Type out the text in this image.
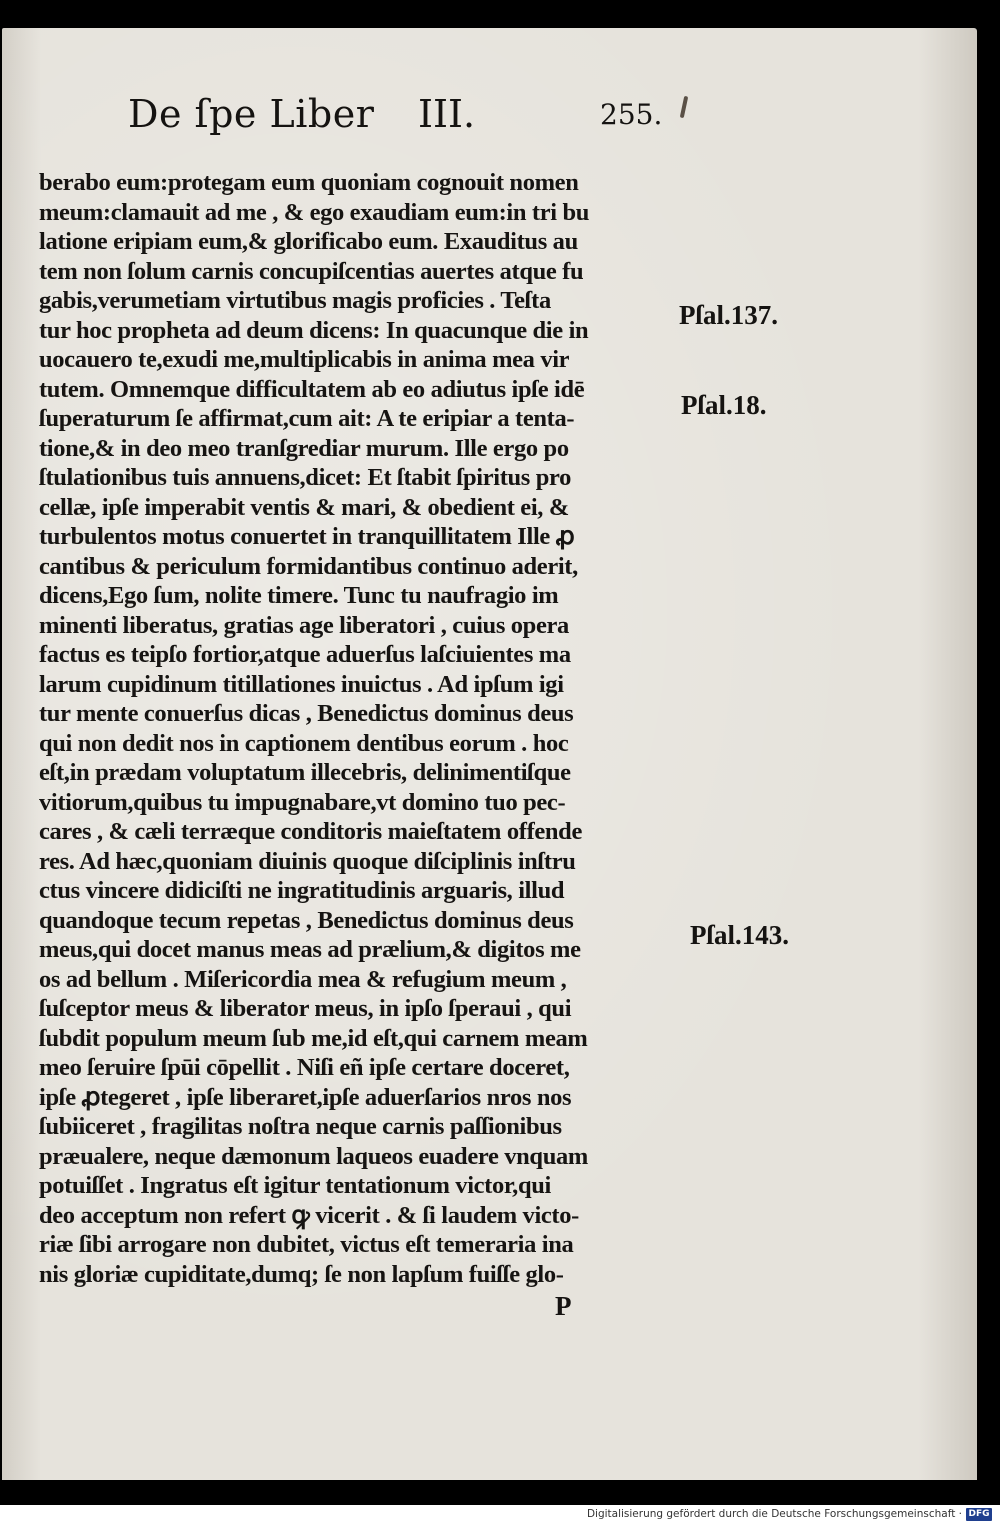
De ſpe Liber III.	255.
berabo eum:protegam eum quoniam cognouit nomen
meum:clamauit ad me , & ego exaudiam eum:in tri bu
latione eripiam eum,& glorificabo eum. Exauditus au
tem non ſolum carnis concupiſcentias auertes atque fu
gabis,verumetiam virtutibus magis proficies . Teſta
tur hoc propheta ad deum dicens: In quacunque die in
uocauero te,exudi me,multiplicabis in anima mea vir
tutem. Omnemque difficultatem ab eo adiutus ipſe idē
ſuperaturum ſe affirmat,cum ait: A te eripiar a tenta-
tione,& in deo meo tranſgrediar murum. Ille ergo po
ſtulationibus tuis annuens,dicet: Et ſtabit ſpiritus pro
cellæ, ipſe imperabit ventis & mari, & obedient ei, &
turbulentos motus conuertet in tranquillitatem Ille ꝓ
cantibus & periculum formidantibus continuo aderit,
dicens,Ego ſum, nolite timere. Tunc tu naufragio im
minenti liberatus, gratias age liberatori , cuius opera
factus es teipſo fortior,atque aduerſus laſciuientes ma
larum cupidinum titillationes inuictus . Ad ipſum igi
tur mente conuerſus dicas , Benedictus dominus deus
qui non dedit nos in captionem dentibus eorum . hoc
eſt,in prædam voluptatum illecebris, delinimentiſque
vitiorum,quibus tu impugnabare,vt domino tuo pec-
cares , & cæli terræque conditoris maieſtatem offende
res. Ad hæc,quoniam diuinis quoque diſciplinis inſtru
ctus vincere didiciſti ne ingratitudinis arguaris, illud
quandoque tecum repetas , Benedictus dominus deus
meus,qui docet manus meas ad prælium,& digitos me
os ad bellum . Miſericordia mea & refugium meum ,
ſuſceptor meus & liberator meus, in ipſo ſperaui , qui
ſubdit populum meum ſub me,id eſt,qui carnem meam
meo ſeruire ſpūi cōpellit . Niſi eñ ipſe certare doceret,
ipſe ꝓtegeret , ipſe liberaret,ipſe aduerſarios nros nos
ſubiiceret , fragilitas noſtra neque carnis paſſionibus
præualere, neque dæmonum laqueos euadere vnquam
potuiſſet . Ingratus eſt igitur tentationum victor,qui
deo acceptum non refert ꝙ vicerit . & ſi laudem victo-
riæ ſibi arrogare non dubitet, victus eſt temeraria ina
nis gloriæ cupiditate,dumq; ſe non lapſum fuiſſe glo-
Pſal.137.
Pſal.18.
Pſal.143.
P
Digitalisierung gefördert durch die Deutsche Forschungsgemeinschaft · DFG
